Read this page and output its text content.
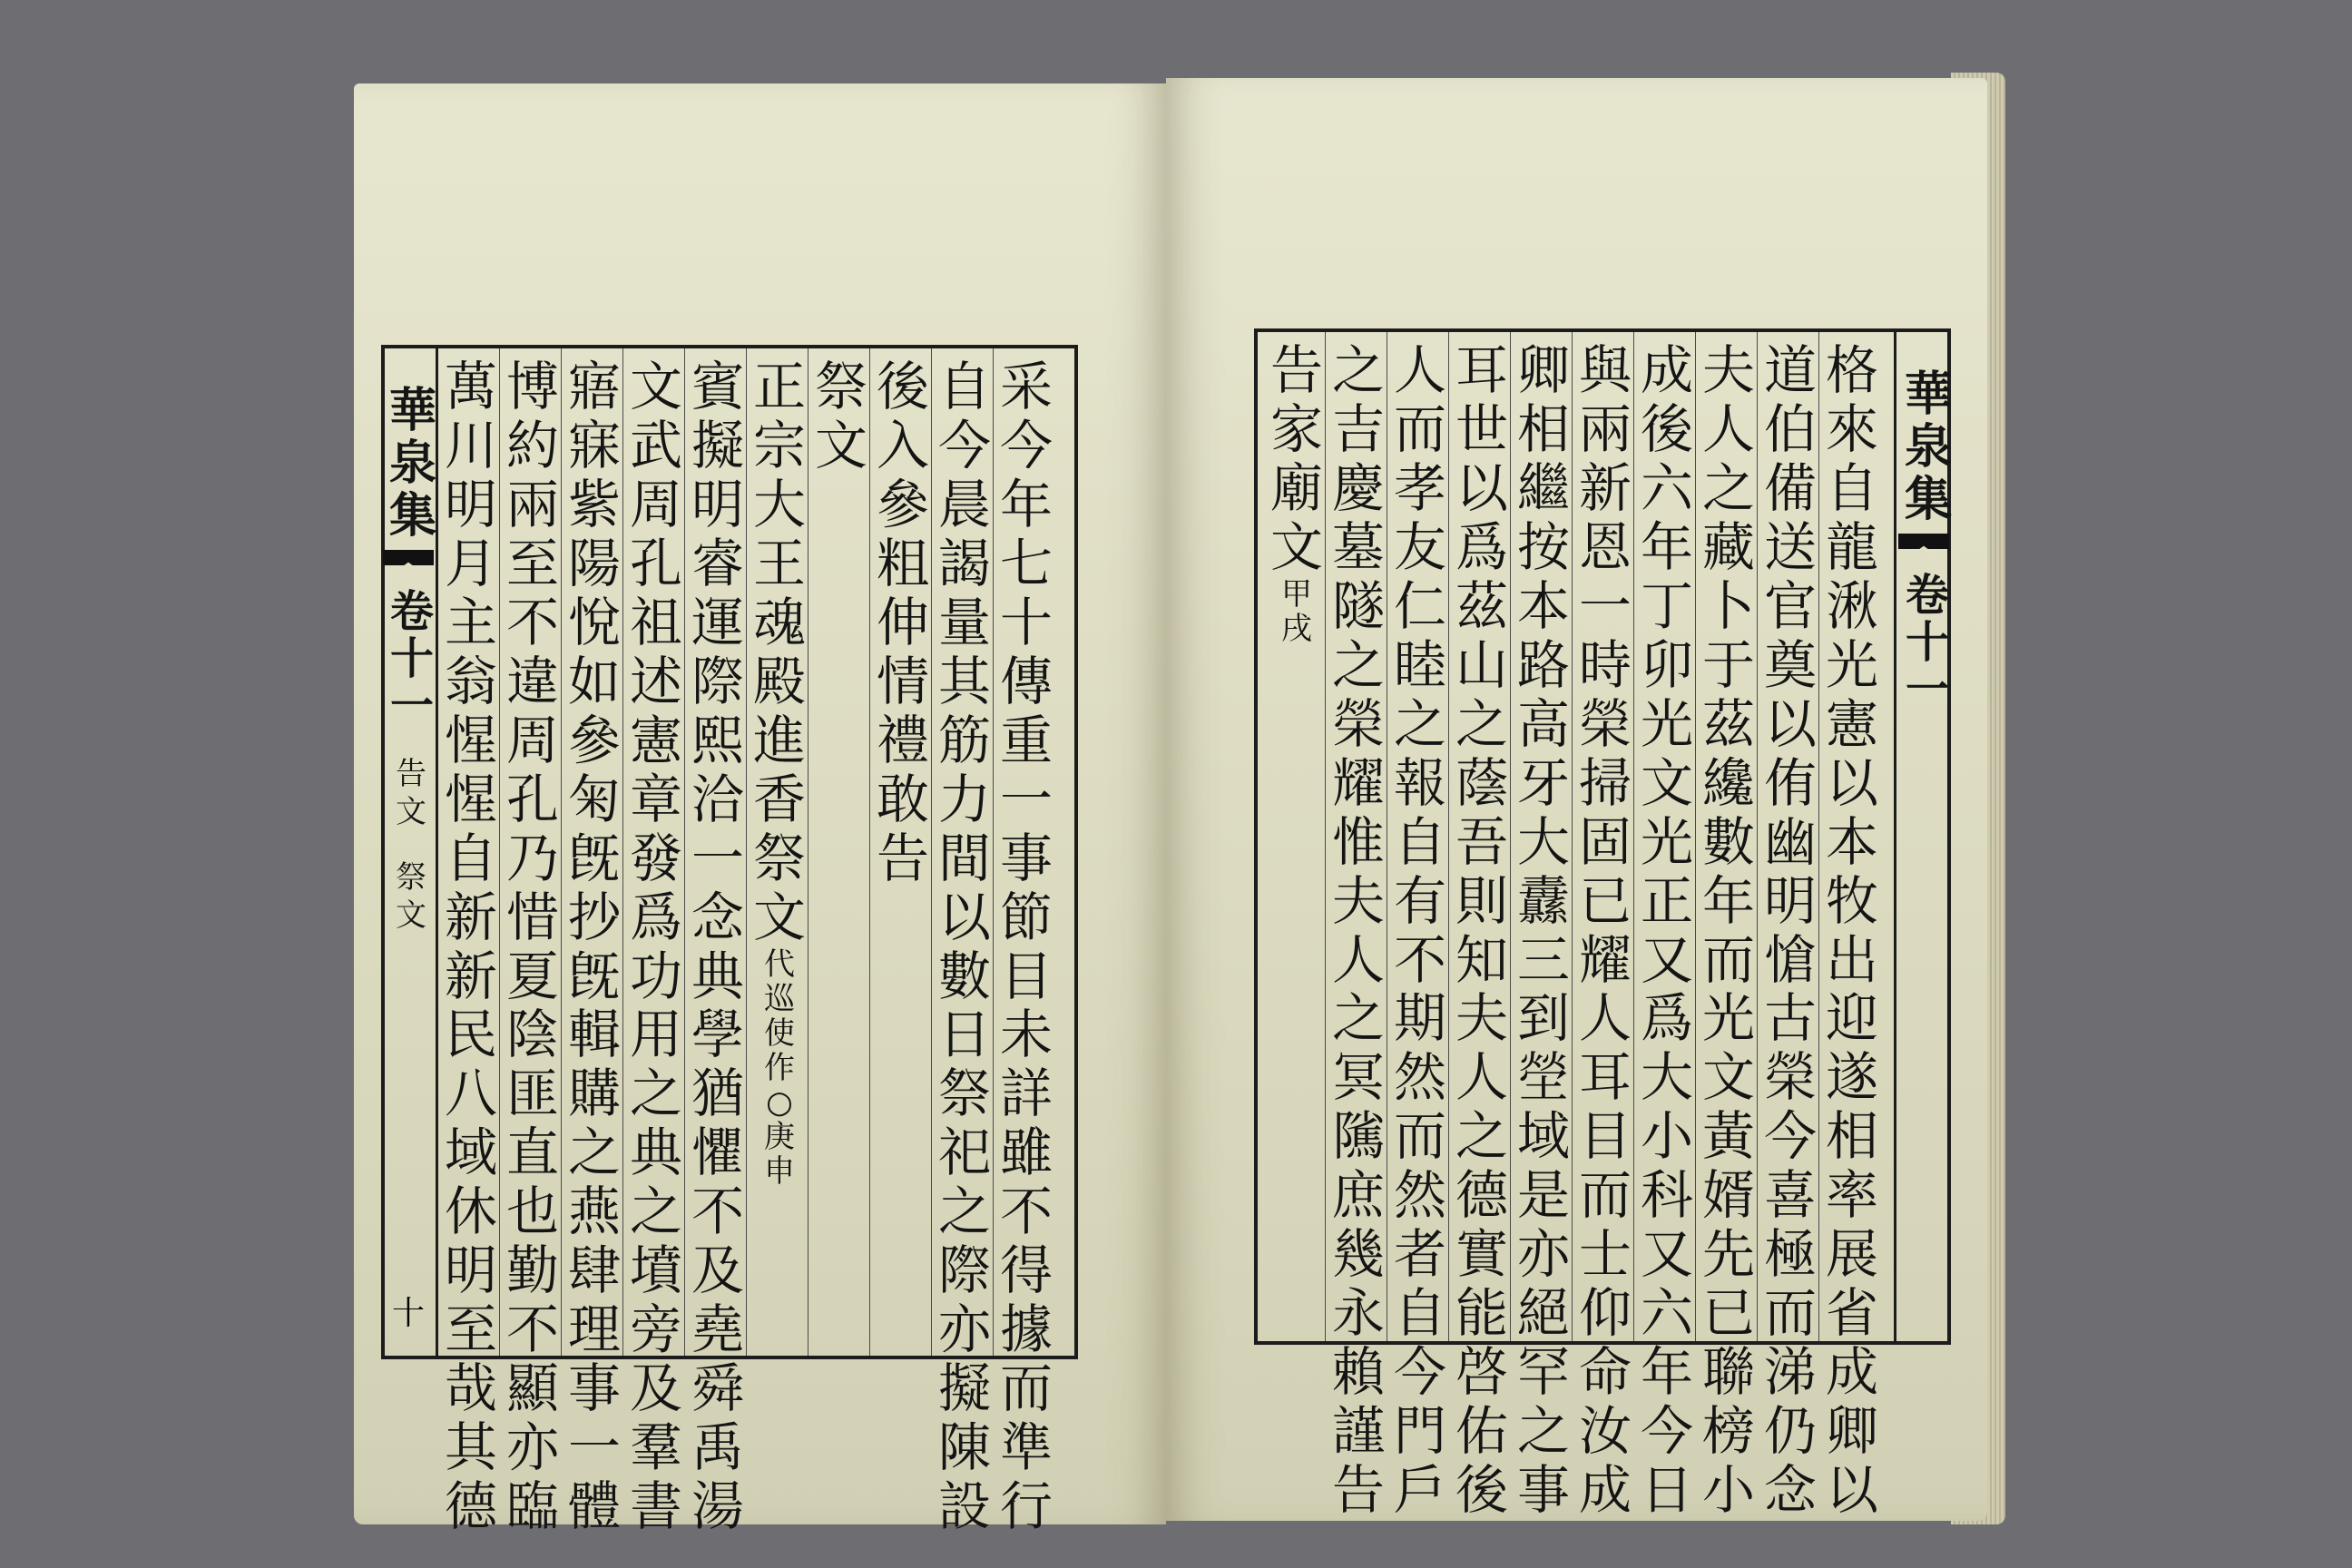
華泉集
卷十一
告文
祭文
十
采
今
年
七
十
傳
重
一
事
節
目
未
詳
雖
不
得
據
而
準
行
自
今
晨
謁
量
其
筋
力
間
以
數
日
祭
祀
之
際
亦
擬
陳
設
後
入
參
粗
伸
情
禮
敢
告
祭
文
正
宗
大
王
魂
殿
進
香
祭
文
代
巡
使
作
○
庚
申
賓
擬
明
睿
運
際
熙
洽
一
念
典
學
猶
懼
不
及
堯
舜
禹
湯
文
武
周
孔
祖
述
憲
章
發
爲
功
用
之
典
之
墳
旁
及
羣
書
寤
寐
紫
陽
悅
如
參
匊
旣
抄
旣
輯
購
之
燕
肆
理
事
一
體
博
約
兩
至
不
違
周
孔
乃
惜
夏
陰
匪
直
也
勤
不
顯
亦
臨
萬
川
明
月
主
翁
惺
惺
自
新
新
民
八
域
休
明
至
哉
其
德
華泉集
卷十一
格
來
自
龍
湫
光
憲
以
本
牧
出
迎
遂
相
率
展
省
成
卿
以
道
伯
備
送
官
奠
以
侑
幽
明
愴
古
榮
今
喜
極
而
涕
仍
念
夫
人
之
藏
卜
于
茲
纔
數
年
而
光
文
黃
婿
先
已
聯
榜
小
成
後
六
年
丁
卯
光
文
光
正
又
爲
大
小
科
又
六
年
今
日
與
兩
新
恩
一
時
榮
掃
固
已
耀
人
耳
目
而
士
仰
命
汝
成
卿
相
繼
按
本
路
高
牙
大
纛
三
到
塋
域
是
亦
絕
罕
之
事
耳
世
以
爲
茲
山
之
蔭
吾
則
知
夫
人
之
德
實
能
啓
佑
後
人
而
孝
友
仁
睦
之
報
自
有
不
期
然
而
然
者
自
今
門
戶
之
吉
慶
墓
隧
之
榮
耀
惟
夫
人
之
冥
隲
庶
幾
永
賴
謹
告
告
家
廟
文
甲
戌
